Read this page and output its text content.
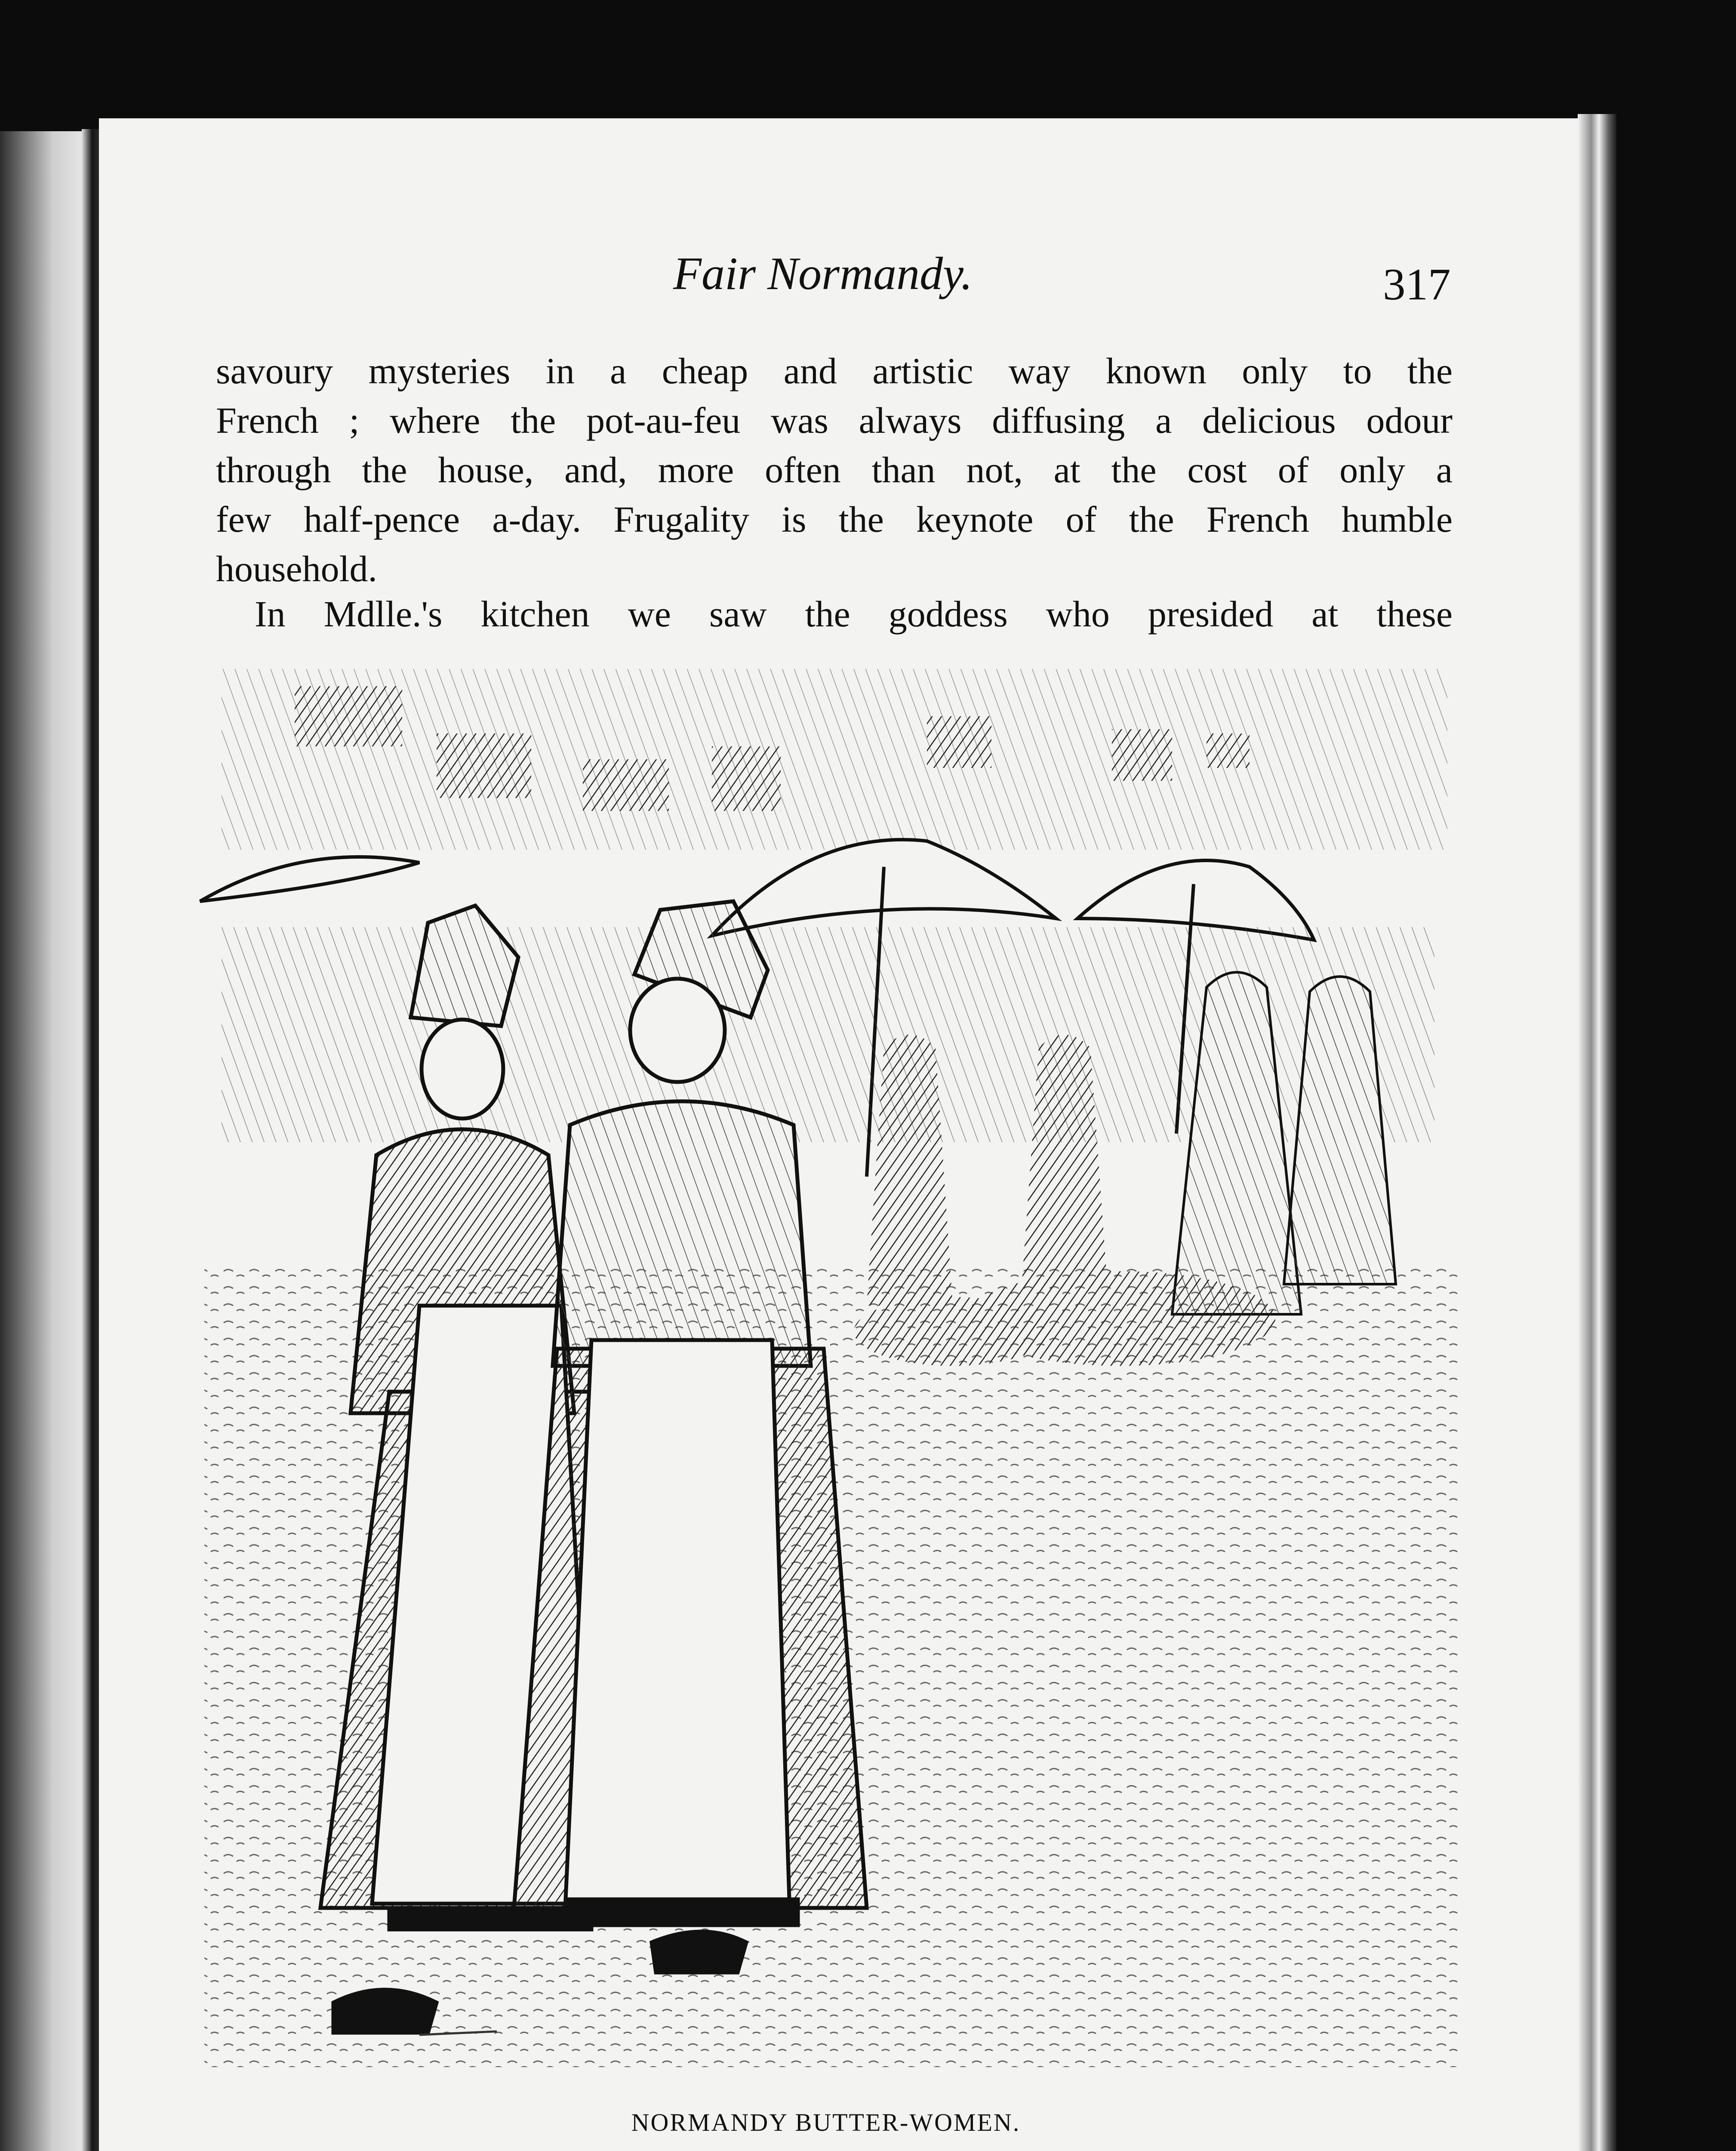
Fair Normandy.	317
savoury mysteries in a cheap and artistic way known only to the
French ; where the pot-au-feu was always diffusing a delicious odour
through the house, and, more often than not, at the cost of only a
few half-pence a-day. Frugality is the keynote of the French humble
household.
In Mdlle.'s kitchen we saw the goddess who presided at these
NORMANDY BUTTER-WOMEN.
